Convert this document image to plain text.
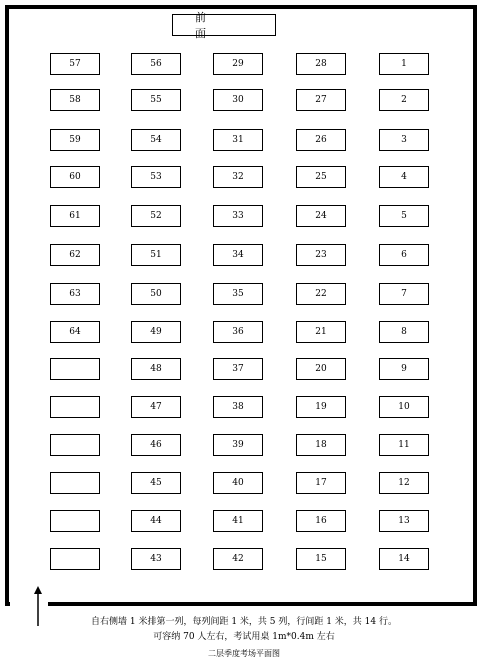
前 面
57
58
59
60
61
62
63
64
56
55
54
53
52
51
50
49
48
47
46
45
44
43
29
30
31
32
33
34
35
36
37
38
39
40
41
42
28
27
26
25
24
23
22
21
20
19
18
17
16
15
1
2
3
4
5
6
7
8
9
10
11
12
13
14
自右侧墙 1 米排第一列，每列间距 1 米，共 5 列，行间距 1 米，共 14 行。
可容纳 70 人左右，考试用桌 1m*0.4m 左右
二层季度考场平面图
